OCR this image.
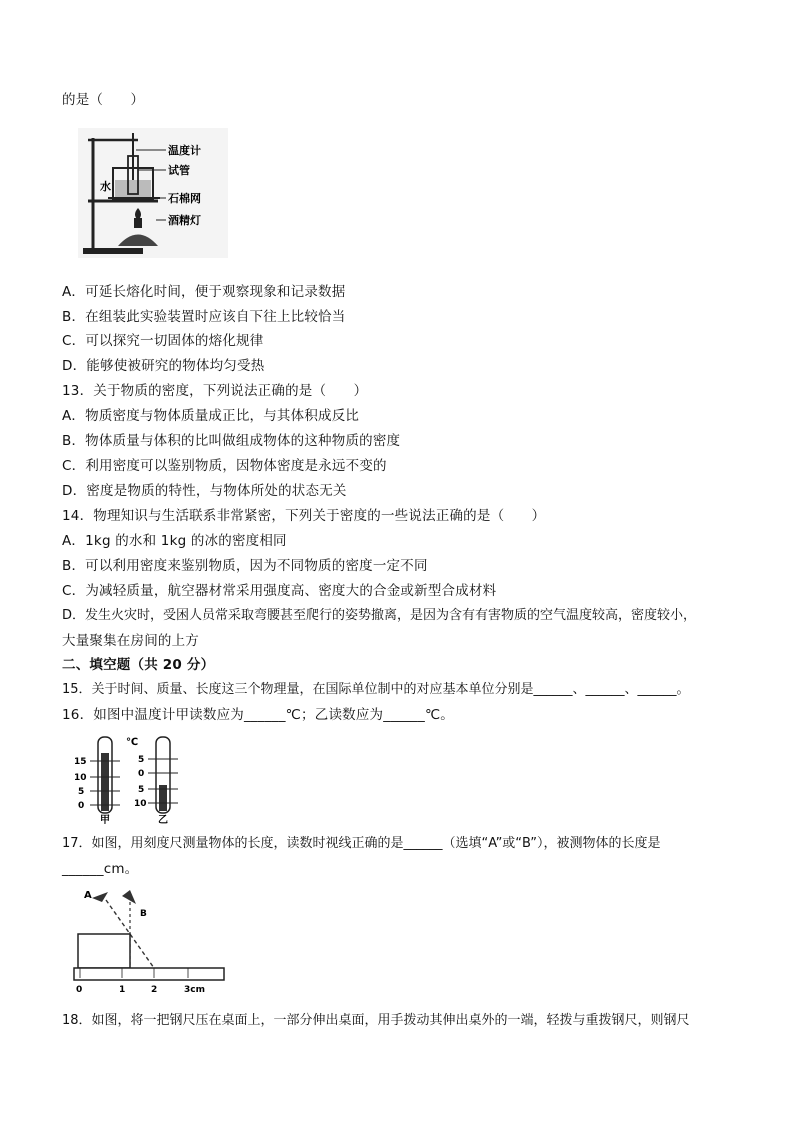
的是（　　）
温度计
试管
水
石棉网
酒精灯
A．可延长熔化时间，便于观察现象和记录数据
B．在组装此实验装置时应该自下往上比较恰当
C．可以探究一切固体的熔化规律
D．能够使被研究的物体均匀受热
13．关于物质的密度，下列说法正确的是（　　）
A．物质密度与物体质量成正比，与其体积成反比
B．物体质量与体积的比叫做组成物体的这种物质的密度
C．利用密度可以鉴别物质，因物体密度是永远不变的
D．密度是物质的特性，与物体所处的状态无关
14．物理知识与生活联系非常紧密，下列关于密度的一些说法正确的是（　　）
A．1kg 的水和 1kg 的冰的密度相同
B．可以利用密度来鉴别物质，因为不同物质的密度一定不同
C．为减轻质量，航空器材常采用强度高、密度大的合金或新型合成材料
D．发生火灾时，受困人员常采取弯腰甚至爬行的姿势撤离，是因为含有有害物质的空气温度较高，密度较小，
大量聚集在房间的上方
二、填空题（共 20 分）
15．关于时间、质量、长度这三个物理量，在国际单位制中的对应基本单位分别是______、______、______。
16．如图中温度计甲读数应为______℃；乙读数应为______℃。
15
10
5
0
甲
℃
5
0
5
10
乙
17．如图，用刻度尺测量物体的长度，读数时视线正确的是______（选填“A”或“B”），被测物体的长度是
______cm。
A
B
0	1	2	3cm
18．如图，将一把钢尺压在桌面上，一部分伸出桌面，用手拨动其伸出桌外的一端，轻拨与重拨钢尺，则钢尺
